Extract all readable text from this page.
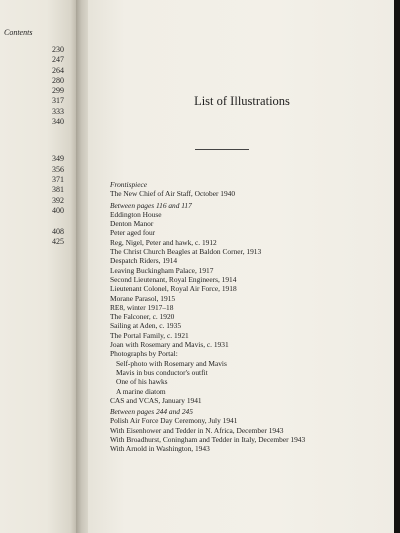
Contents
230
247
264
280
299
317
333
340
349
356
371
381
392
400
408
425
List of Illustrations
Frontispiece
The New Chief of Air Staff, October 1940
Between pages 116 and 117
Eddington House
Denton Manor
Peter aged four
Reg, Nigel, Peter and hawk, c. 1912
The Christ Church Beagles at Baldon Corner, 1913
Despatch Riders, 1914
Leaving Buckingham Palace, 1917
Second Lieutenant, Royal Engineers, 1914
Lieutenant Colonel, Royal Air Force, 1918
Morane Parasol, 1915
RE8, winter 1917–18
The Falconer, c. 1920
Sailing at Aden, c. 1935
The Portal Family, c. 1921
Joan with Rosemary and Mavis, c. 1931
Photographs by Portal:
Self-photo with Rosemary and Mavis
Mavis in bus conductor's outfit
One of his hawks
A marine diatom
CAS and VCAS, January 1941
Between pages 244 and 245
Polish Air Force Day Ceremony, July 1941
With Eisenhower and Tedder in N. Africa, December 1943
With Broadhurst, Coningham and Tedder in Italy, December 1943
With Arnold in Washington, 1943
